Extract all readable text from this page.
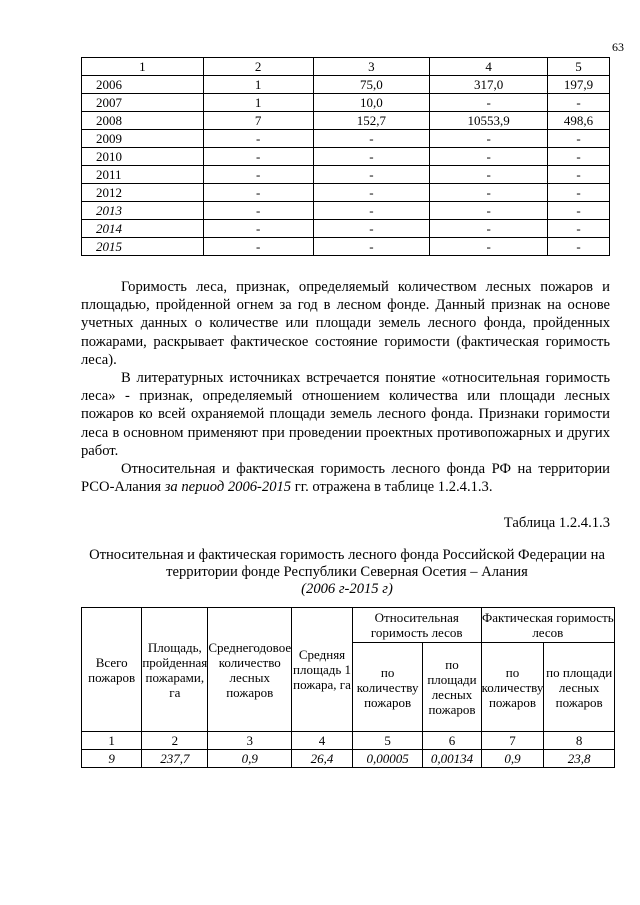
63
1	2	3	4	5
2006	1	75,0	317,0	197,9
2007	1	10,0	-	-
2008	7	152,7	10553,9	498,6
2009	-	-	-	-
2010	-	-	-	-
2011	-	-	-	-
2012	-	-	-	-
2013	-	-	-	-
2014	-	-	-	-
2015	-	-	-	-

Горимость леса, признак, определяемый количеством лесных пожаров и площадью, пройденной огнем за год в лесном фонде. Данный признак на основе учетных данных о количестве или площади земель лесного фонда, пройденных пожарами, раскрывает фактическое состояние горимости (фактическая горимость леса).

В литературных источниках встречается понятие «относительная горимость леса» - признак, определяемый отношением количества или площади лесных пожаров ко всей охраняемой площади земель лесного фонда. Признаки горимости леса в основном применяют при проведении проектных противопожарных и других работ.

Относительная и фактическая горимость лесного фонда РФ на территории РСО-Алания за период 2006-2015 гг. отражена в таблице 1.2.4.1.3.

Таблица 1.2.4.1.3

Относительная и фактическая горимость лесного фонда Российской Федерации на территории фонде Республики Северная Осетия – Алания
(2006 г-2015 г)
Всего пожаров	Площадь, пройденная пожарами, га	Среднегодовое количество лесных пожаров	Средняя площадь 1 пожара, га	Относительная горимость лесов		Фактическая горимость лесов	
				по количеству пожаров	по площади лесных пожаров	по количеству пожаров	по площади лесных пожаров
1	2	3	4	5	6	7	8
9	237,7	0,9	26,4	0,00005	0,00134	0,9	23,8
